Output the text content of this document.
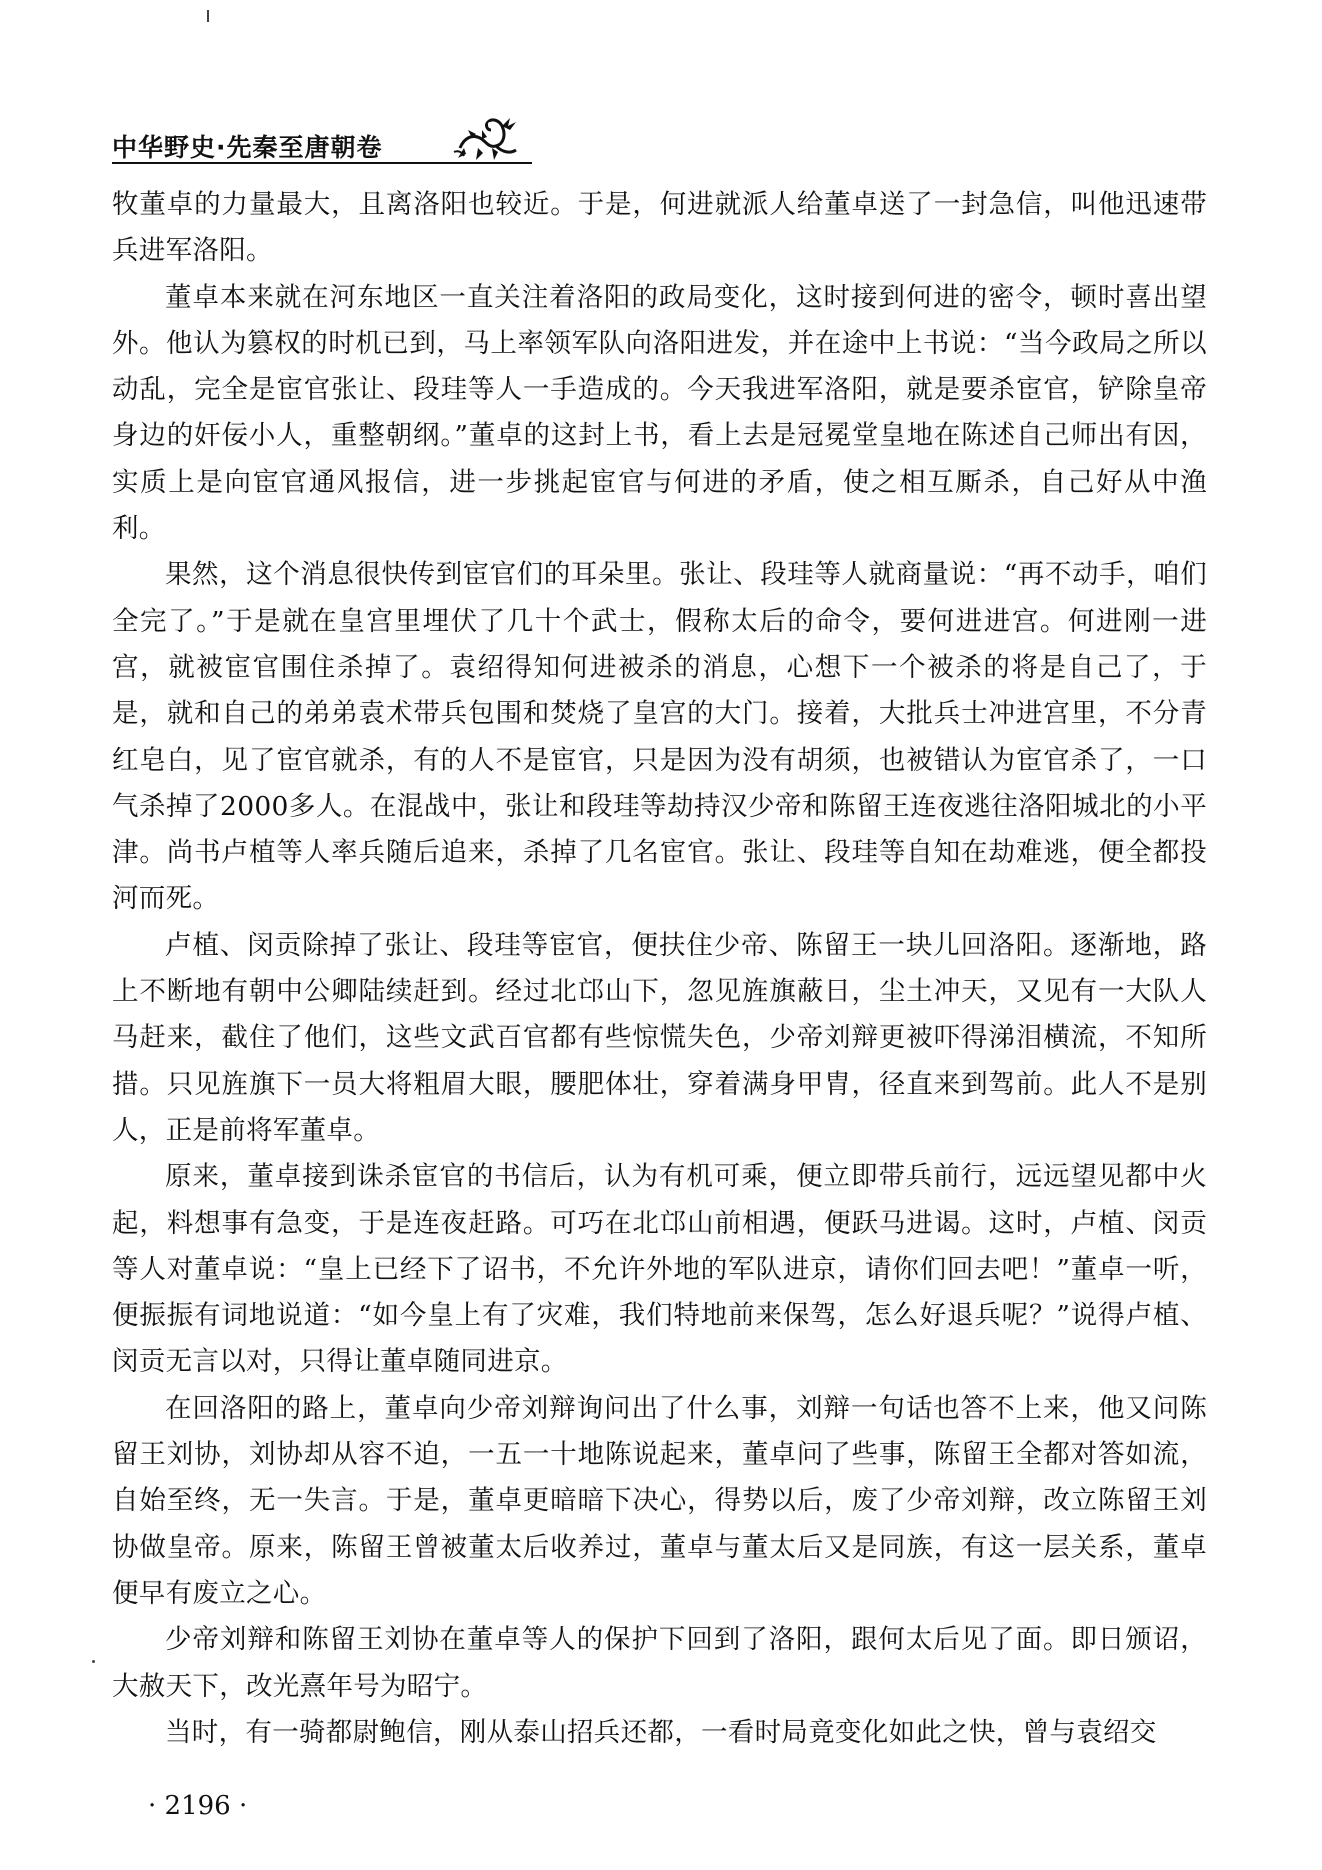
中华野史·先秦至唐朝卷

牧董卓的力量最大，且离洛阳也较近。于是，何进就派人给董卓送了一封急信，叫他迅速带兵进军洛阳。

董卓本来就在河东地区一直关注着洛阳的政局变化，这时接到何进的密令，顿时喜出望外。他认为篡权的时机已到，马上率领军队向洛阳进发，并在途中上书说：“当今政局之所以动乱，完全是宦官张让、段珪等人一手造成的。今天我进军洛阳，就是要杀宦官，铲除皇帝身边的奸佞小人，重整朝纲。”董卓的这封上书，看上去是冠冕堂皇地在陈述自己师出有因，实质上是向宦官通风报信，进一步挑起宦官与何进的矛盾，使之相互厮杀，自己好从中渔利。

果然，这个消息很快传到宦官们的耳朵里。张让、段珪等人就商量说：“再不动手，咱们全完了。”于是就在皇宫里埋伏了几十个武士，假称太后的命令，要何进进宫。何进刚一进宫，就被宦官围住杀掉了。袁绍得知何进被杀的消息，心想下一个被杀的将是自己了，于是，就和自己的弟弟袁术带兵包围和焚烧了皇宫的大门。接着，大批兵士冲进宫里，不分青红皂白，见了宦官就杀，有的人不是宦官，只是因为没有胡须，也被错认为宦官杀了，一口气杀掉了2000多人。在混战中，张让和段珪等劫持汉少帝和陈留王连夜逃往洛阳城北的小平津。尚书卢植等人率兵随后追来，杀掉了几名宦官。张让、段珪等自知在劫难逃，便全都投河而死。

卢植、闵贡除掉了张让、段珪等宦官，便扶住少帝、陈留王一块儿回洛阳。逐渐地，路上不断地有朝中公卿陆续赶到。经过北邙山下，忽见旌旗蔽日，尘土冲天，又见有一大队人马赶来，截住了他们，这些文武百官都有些惊慌失色，少帝刘辩更被吓得涕泪横流，不知所措。只见旌旗下一员大将粗眉大眼，腰肥体壮，穿着满身甲胄，径直来到驾前。此人不是别人，正是前将军董卓。

原来，董卓接到诛杀宦官的书信后，认为有机可乘，便立即带兵前行，远远望见都中火起，料想事有急变，于是连夜赶路。可巧在北邙山前相遇，便跃马进谒。这时，卢植、闵贡等人对董卓说：“皇上已经下了诏书，不允许外地的军队进京，请你们回去吧！”董卓一听，便振振有词地说道：“如今皇上有了灾难，我们特地前来保驾，怎么好退兵呢？”说得卢植、闵贡无言以对，只得让董卓随同进京。

在回洛阳的路上，董卓向少帝刘辩询问出了什么事，刘辩一句话也答不上来，他又问陈留王刘协，刘协却从容不迫，一五一十地陈说起来，董卓问了些事，陈留王全都对答如流，自始至终，无一失言。于是，董卓更暗暗下决心，得势以后，废了少帝刘辩，改立陈留王刘协做皇帝。原来，陈留王曾被董太后收养过，董卓与董太后又是同族，有这一层关系，董卓便早有废立之心。

少帝刘辩和陈留王刘协在董卓等人的保护下回到了洛阳，跟何太后见了面。即日颁诏，大赦天下，改光熹年号为昭宁。

当时，有一骑都尉鲍信，刚从泰山招兵还都，一看时局竟变化如此之快，曾与袁绍交

· 2196 ·
